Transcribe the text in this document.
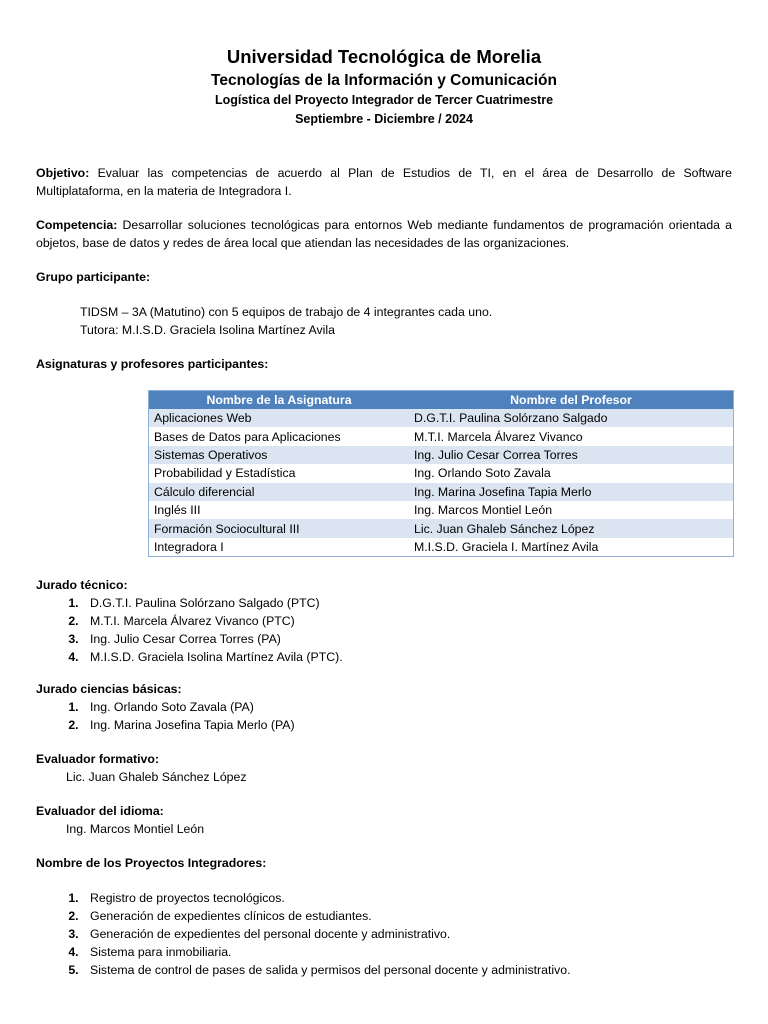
Universidad Tecnológica de Morelia
Tecnologías de la Información y Comunicación
Logística del Proyecto Integrador de Tercer Cuatrimestre
Septiembre - Diciembre / 2024
Objetivo: Evaluar las competencias de acuerdo al Plan de Estudios de TI, en el área de Desarrollo de Software Multiplataforma, en la materia de Integradora I.
Competencia: Desarrollar soluciones tecnológicas para entornos Web mediante fundamentos de programación orientada a objetos, base de datos y redes de área local que atiendan las necesidades de las organizaciones.
Grupo participante:
TIDSM – 3A (Matutino) con 5 equipos de trabajo de 4 integrantes cada uno.
Tutora: M.I.S.D. Graciela Isolina Martínez Avila
Asignaturas y profesores participantes:
Nombre de la Asignatura	Nombre del Profesor
Aplicaciones Web	D.G.T.I. Paulina Solórzano Salgado
Bases de Datos para Aplicaciones	M.T.I. Marcela Álvarez Vivanco
Sistemas Operativos	Ing. Julio Cesar Correa Torres
Probabilidad y Estadística	Ing. Orlando Soto Zavala
Cálculo diferencial	Ing. Marina Josefina Tapia Merlo
Inglés III	Ing. Marcos Montiel León
Formación Sociocultural III	Lic. Juan Ghaleb Sánchez López
Integradora I	M.I.S.D. Graciela I. Martínez Avila
Jurado técnico:
1. D.G.T.I. Paulina Solórzano Salgado (PTC)
2. M.T.I. Marcela Álvarez Vivanco (PTC)
3. Ing. Julio Cesar Correa Torres (PA)
4. M.I.S.D. Graciela Isolina Martínez Avila (PTC).
Jurado ciencias básicas:
1. Ing. Orlando Soto Zavala (PA)
2. Ing. Marina Josefina Tapia Merlo (PA)
Evaluador formativo:
Lic. Juan Ghaleb Sánchez López
Evaluador del idioma:
Ing. Marcos Montiel León
Nombre de los Proyectos Integradores:
1. Registro de proyectos tecnológicos.
2. Generación de expedientes clínicos de estudiantes.
3. Generación de expedientes del personal docente y administrativo.
4. Sistema para inmobiliaria.
5. Sistema de control de pases de salida y permisos del personal docente y administrativo.
